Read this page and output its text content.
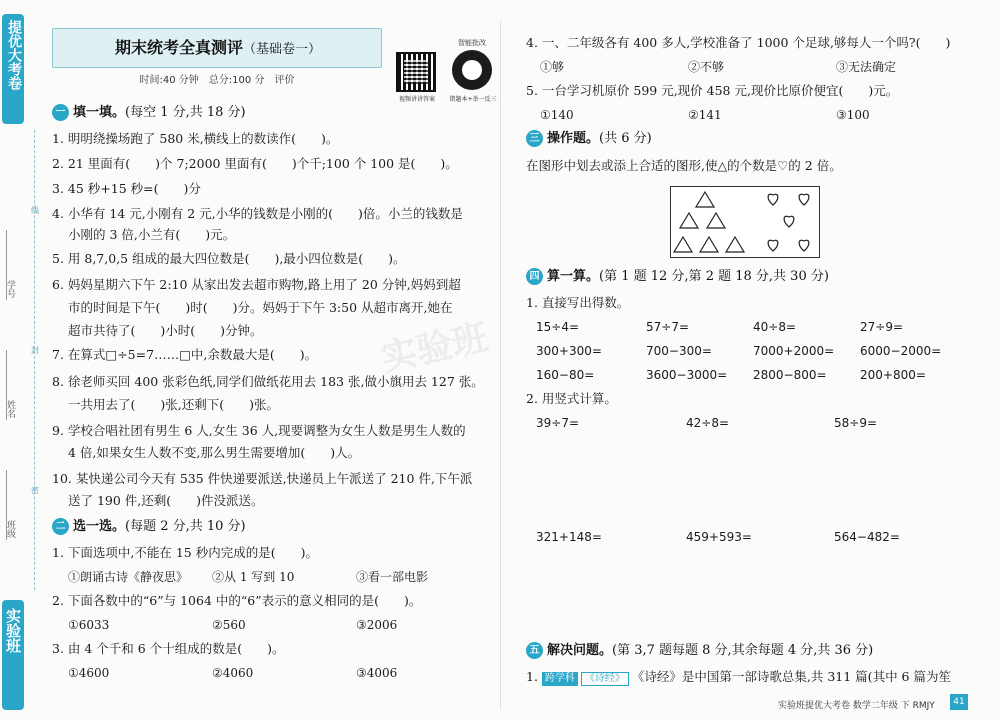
提优大考卷
线
封
密
学号
姓名
班级
实验班
实验班
期末统考全真测评（基础卷一）
时间:40 分钟　总分:100 分　评价
视频讲讲答案
智能批改
错题本+举一反三
一 填一填。(每空 1 分,共 18 分)
1. 明明绕操场跑了 580 米,横线上的数读作(　　)。
2. 21 里面有(　　)个 7;2000 里面有(　　)个千;100 个 100 是(　　)。
3. 45 秒+15 秒=(　　)分
4. 小华有 14 元,小刚有 2 元,小华的钱数是小刚的(　　)倍。小兰的钱数是
小刚的 3 倍,小兰有(　　)元。
5. 用 8,7,0,5 组成的最大四位数是(　　),最小四位数是(　　)。
6. 妈妈星期六下午 2:10 从家出发去超市购物,路上用了 20 分钟,妈妈到超
市的时间是下午(　　)时(　　)分。妈妈于下午 3:50 从超市离开,她在
超市共待了(　　)小时(　　)分钟。
7. 在算式□÷5=7……□中,余数最大是(　　)。
8. 徐老师买回 400 张彩色纸,同学们做纸花用去 183 张,做小旗用去 127 张。
一共用去了(　　)张,还剩下(　　)张。
9. 学校合唱社团有男生 6 人,女生 36 人,现要调整为女生人数是男生人数的
4 倍,如果女生人数不变,那么男生需要增加(　　)人。
10. 某快递公司今天有 535 件快递要派送,快递员上午派送了 210 件,下午派
送了 190 件,还剩(　　)件没派送。
二 选一选。(每题 2 分,共 10 分)
1. 下面选项中,不能在 15 秒内完成的是(　　)。
①朗诵古诗《静夜思》 ②从 1 写到 10	③看一部电影
2. 下面各数中的“6”与 1064 中的“6”表示的意义相同的是(　　)。
①6033	②560	③2006
3. 由 4 个千和 6 个十组成的数是(　　)。
①4600	②4060	③4006
4. 一、二年级各有 400 多人,学校准备了 1000 个足球,够每人一个吗?(　　)
①够	②不够	③无法确定
5. 一台学习机原价 599 元,现价 458 元,现价比原价便宜(　　)元。
①140	②141	③100
三 操作题。(共 6 分)
在图形中划去或添上合适的图形,使△的个数是♡的 2 倍。
四 算一算。(第 1 题 12 分,第 2 题 18 分,共 30 分)
1. 直接写出得数。
15÷4=	57÷7=	40÷8=	27÷9=
300+300=	700−300=	7000+2000= 6000−2000=
160−80=	3600−3000= 2800−800=	200+800=
2. 用竖式计算。
39÷7=	42÷8=	58÷9=
321+148=	459+593=	564−482=
五 解决问题。(第 3,7 题每题 8 分,其余每题 4 分,共 36 分)
1. 跨学科 《诗经》 《诗经》是中国第一部诗歌总集,共 311 篇(其中 6 篇为笙
实验班提优大考卷 数学二年级 下 RMJY	41
